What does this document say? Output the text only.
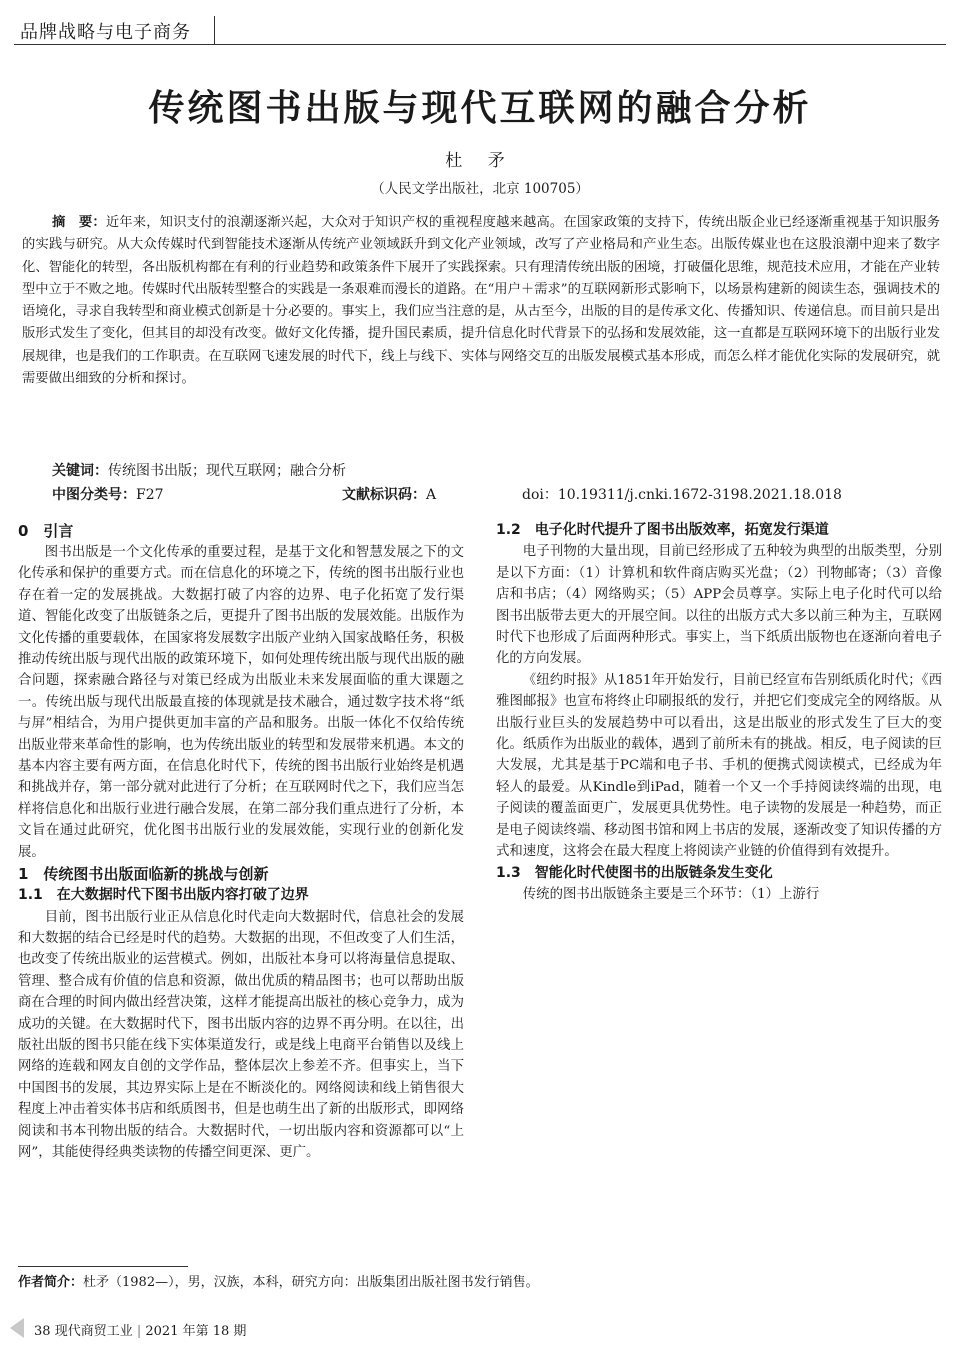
品牌战略与电子商务
传统图书出版与现代互联网的融合分析
杜 矛
（人民文学出版社，北京 100705）
摘　要：近年来，知识支付的浪潮逐渐兴起，大众对于知识产权的重视程度越来越高。在国家政策的支持下，传统出版企业已经逐渐重视基于知识服务的实践与研究。从大众传媒时代到智能技术逐渐从传统产业领域跃升到文化产业领域，改写了产业格局和产业生态。出版传媒业也在这股浪潮中迎来了数字化、智能化的转型，各出版机构都在有利的行业趋势和政策条件下展开了实践探索。只有理清传统出版的困境，打破僵化思维，规范技术应用，才能在产业转型中立于不败之地。传媒时代出版转型整合的实践是一条艰难而漫长的道路。在“用户＋需求”的互联网新形式影响下，以场景构建新的阅读生态，强调技术的语境化，寻求自我转型和商业模式创新是十分必要的。事实上，我们应当注意的是，从古至今，出版的目的是传承文化、传播知识、传递信息。而目前只是出版形式发生了变化，但其目的却没有改变。做好文化传播，提升国民素质，提升信息化时代背景下的弘扬和发展效能，这一直都是互联网环境下的出版行业发展规律，也是我们的工作职责。在互联网飞速发展的时代下，线上与线下、实体与网络交互的出版发展模式基本形成，而怎么样才能优化实际的发展研究，就需要做出细致的分析和探讨。
关键词：传统图书出版；现代互联网；融合分析
中图分类号：F27	文献标识码：A	doi：10.19311/j.cnki.1672-3198.2021.18.018
0　引言

图书出版是一个文化传承的重要过程，是基于文化和智慧发展之下的文化传承和保护的重要方式。而在信息化的环境之下，传统的图书出版行业也存在着一定的发展挑战。大数据打破了内容的边界、电子化拓宽了发行渠道、智能化改变了出版链条之后，更提升了图书出版的发展效能。出版作为文化传播的重要载体，在国家将发展数字出版产业纳入国家战略任务，积极推动传统出版与现代出版的政策环境下，如何处理传统出版与现代出版的融合问题，探索融合路径与对策已经成为出版业未来发展面临的重大课题之一。传统出版与现代出版最直接的体现就是技术融合，通过数字技术将“纸与屏”相结合，为用户提供更加丰富的产品和服务。出版一体化不仅给传统出版业带来革命性的影响，也为传统出版业的转型和发展带来机遇。本文的基本内容主要有两方面，在信息化时代下，传统的图书出版行业始终是机遇和挑战并存，第一部分就对此进行了分析；在互联网时代之下，我们应当怎样将信息化和出版行业进行融合发展，在第二部分我们重点进行了分析，本文旨在通过此研究，优化图书出版行业的发展效能，实现行业的创新化发展。

1　传统图书出版面临新的挑战与创新
1.1　在大数据时代下图书出版内容打破了边界

目前，图书出版行业正从信息化时代走向大数据时代，信息社会的发展和大数据的结合已经是时代的趋势。大数据的出现，不但改变了人们生活，也改变了传统出版业的运营模式。例如，出版社本身可以将海量信息提取、管理、整合成有价值的信息和资源，做出优质的精品图书；也可以帮助出版商在合理的时间内做出经营决策，这样才能提高出版社的核心竞争力，成为成功的关键。在大数据时代下，图书出版内容的边界不再分明。在以往，出版社出版的图书只能在线下实体渠道发行，或是线上电商平台销售以及线上网络的连载和网友自创的文学作品，整体层次上参差不齐。但事实上，当下中国图书的发展，其边界实际上是在不断淡化的。网络阅读和线上销售很大程度上冲击着实体书店和纸质图书，但是也萌生出了新的出版形式，即网络阅读和书本刊物出版的结合。大数据时代，一切出版内容和资源都可以“上网”，其能使得经典类读物的传播空间更深、更广。

1.2　电子化时代提升了图书出版效率，拓宽发行渠道

电子刊物的大量出现，目前已经形成了五种较为典型的出版类型，分别是以下方面：（1）计算机和软件商店购买光盘；（2）刊物邮寄；（3）音像店和书店；（4）网络购买；（5）APP会员尊享。实际上电子化时代可以给图书出版带去更大的开展空间。以往的出版方式大多以前三种为主，互联网时代下也形成了后面两种形式。事实上，当下纸质出版物也在逐渐向着电子化的方向发展。

《纽约时报》从1851年开始发行，目前已经宣布告别纸质化时代；《西雅图邮报》也宣布将终止印刷报纸的发行，并把它们变成完全的网络版。从出版行业巨头的发展趋势中可以看出，这是出版业的形式发生了巨大的变化。纸质作为出版业的载体，遇到了前所未有的挑战。相反，电子阅读的巨大发展，尤其是基于PC端和电子书、手机的便携式阅读模式，已经成为年轻人的最爱。从Kindle到iPad，随着一个又一个手持阅读终端的出现，电子阅读的覆盖面更广，发展更具优势性。电子读物的发展是一种趋势，而正是电子阅读终端、移动图书馆和网上书店的发展，逐渐改变了知识传播的方式和速度，这将会在最大程度上将阅读产业链的价值得到有效提升。

1.3　智能化时代使图书的出版链条发生变化

传统的图书出版链条主要是三个环节：（1）上游行

作者简介：杜矛（1982—），男，汉族，本科，研究方向：出版集团出版社图书发行销售。
38 现代商贸工业 | 2021 年第 18 期
